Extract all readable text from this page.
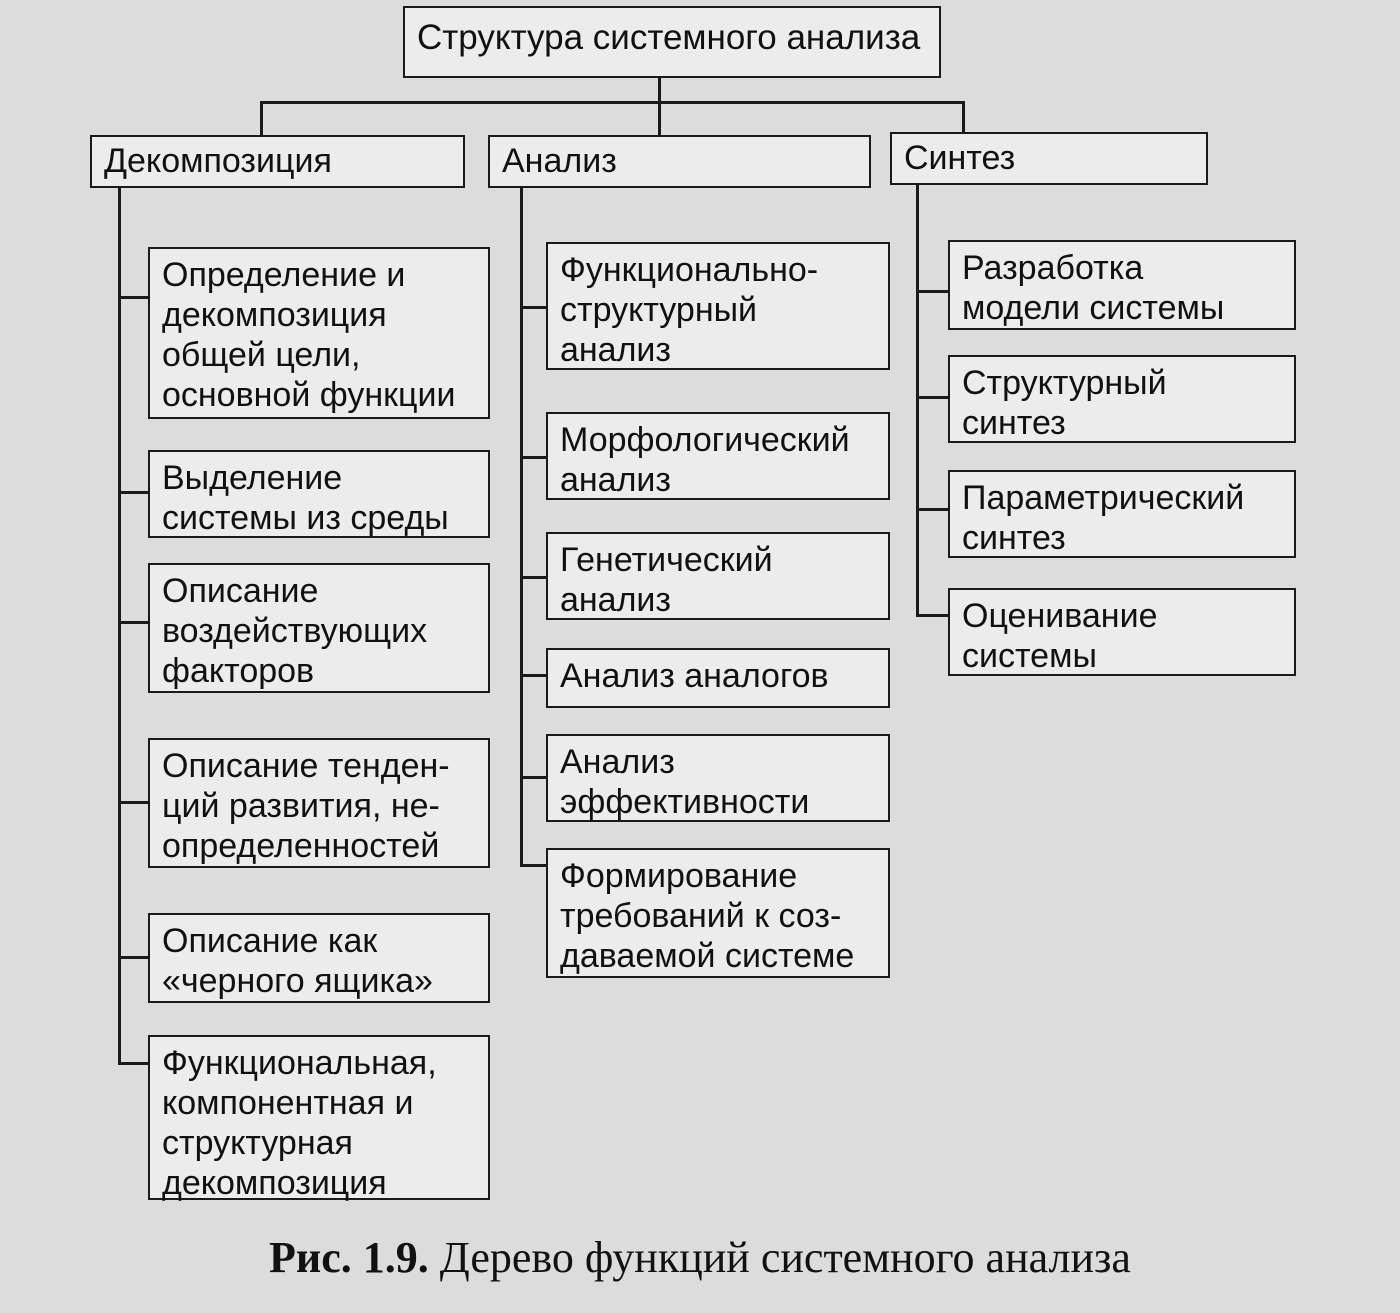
Структура системного анализа
Декомпозиция	Анализ	Синтез
Определение и
декомпозиция
общей цели,
основной функции
Выделение
системы из среды
Описание
воздействующих
факторов
Описание тенден-
ций развития, не-
определенностей
Описание как
«черного ящика»
Функциональная,
компонентная и
структурная
декомпозиция
Функционально-
структурный
анализ
Морфологический
анализ
Генетический
анализ
Анализ аналогов
Анализ
эффективности
Формирование
требований к соз-
даваемой системе
Разработка
модели системы
Структурный
синтез
Параметрический
синтез
Оценивание
системы
Рис. 1.9. Дерево функций системного анализа
